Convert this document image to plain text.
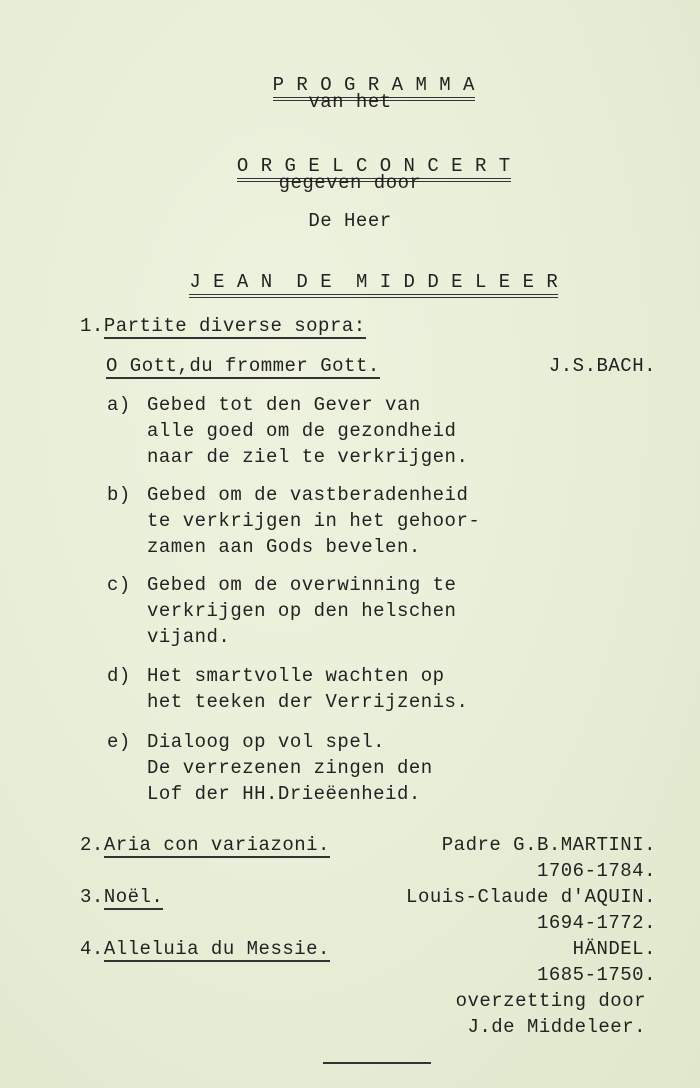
P R O G R A M M A

van het

O R G E L C O N C E R T

gegeven door
De Heer

J E A N  D E  M I D D E L E E R

1.Partite diverse sopra:
O Gott,du frommer Gott.	J.S.BACH.
a) Gebed tot den Gever van
alle goed om de gezondheid
naar de ziel te verkrijgen.
b) Gebed om de vastberadenheid
te verkrijgen in het gehoor-
zamen aan Gods bevelen.
c) Gebed om de overwinning te
verkrijgen op den helschen
vijand.
d) Het smartvolle wachten op
het teeken der Verrijzenis.
e) Dialoog op vol spel.
De verrezenen zingen den
Lof der HH.Drieëenheid.
2.Aria con variazoni.	Padre G.B.MARTINI.
1706-1784.
3.Noël.	Louis-Claude d'AQUIN.
1694-1772.
4.Alleluia du Messie.	HÄNDEL.
1685-1750.
overzetting door
J.de Middeleer.
